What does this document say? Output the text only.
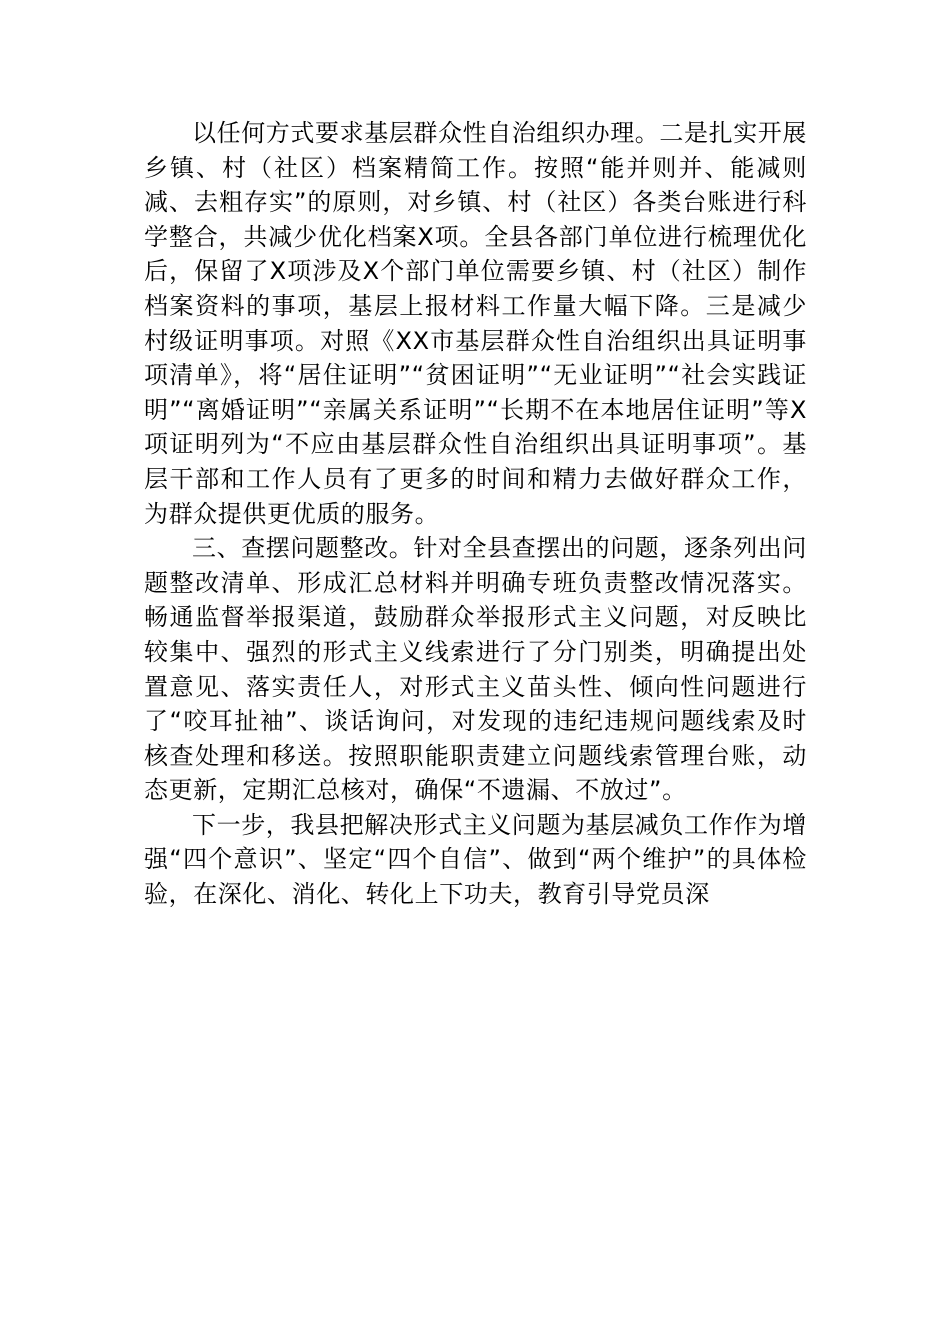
以任何方式要求基层群众性自治组织办理。二是扎实开展乡镇、村（社区）档案精简工作。按照“能并则并、能减则减、去粗存实”的原则，对乡镇、村（社区）各类台账进行科学整合，共减少优化档案X项。全县各部门单位进行梳理优化后，保留了X项涉及X个部门单位需要乡镇、村（社区）制作档案资料的事项，基层上报材料工作量大幅下降。三是减少村级证明事项。对照《XX市基层群众性自治组织出具证明事项清单》，将“居住证明”“贫困证明”“无业证明”“社会实践证明”“离婚证明”“亲属关系证明”“长期不在本地居住证明”等X项证明列为“不应由基层群众性自治组织出具证明事项”。基层干部和工作人员有了更多的时间和精力去做好群众工作，为群众提供更优质的服务。

三、查摆问题整改。针对全县查摆出的问题，逐条列出问题整改清单、形成汇总材料并明确专班负责整改情况落实。畅通监督举报渠道，鼓励群众举报形式主义问题，对反映比较集中、强烈的形式主义线索进行了分门别类，明确提出处置意见、落实责任人，对形式主义苗头性、倾向性问题进行了“咬耳扯袖”、谈话询问，对发现的违纪违规问题线索及时核查处理和移送。按照职能职责建立问题线索管理台账，动态更新，定期汇总核对，确保“不遗漏、不放过”。

下一步，我县把解决形式主义问题为基层减负工作作为增强“四个意识”、坚定“四个自信”、做到“两个维护”的具体检验，在深化、消化、转化上下功夫，教育引导党员深
